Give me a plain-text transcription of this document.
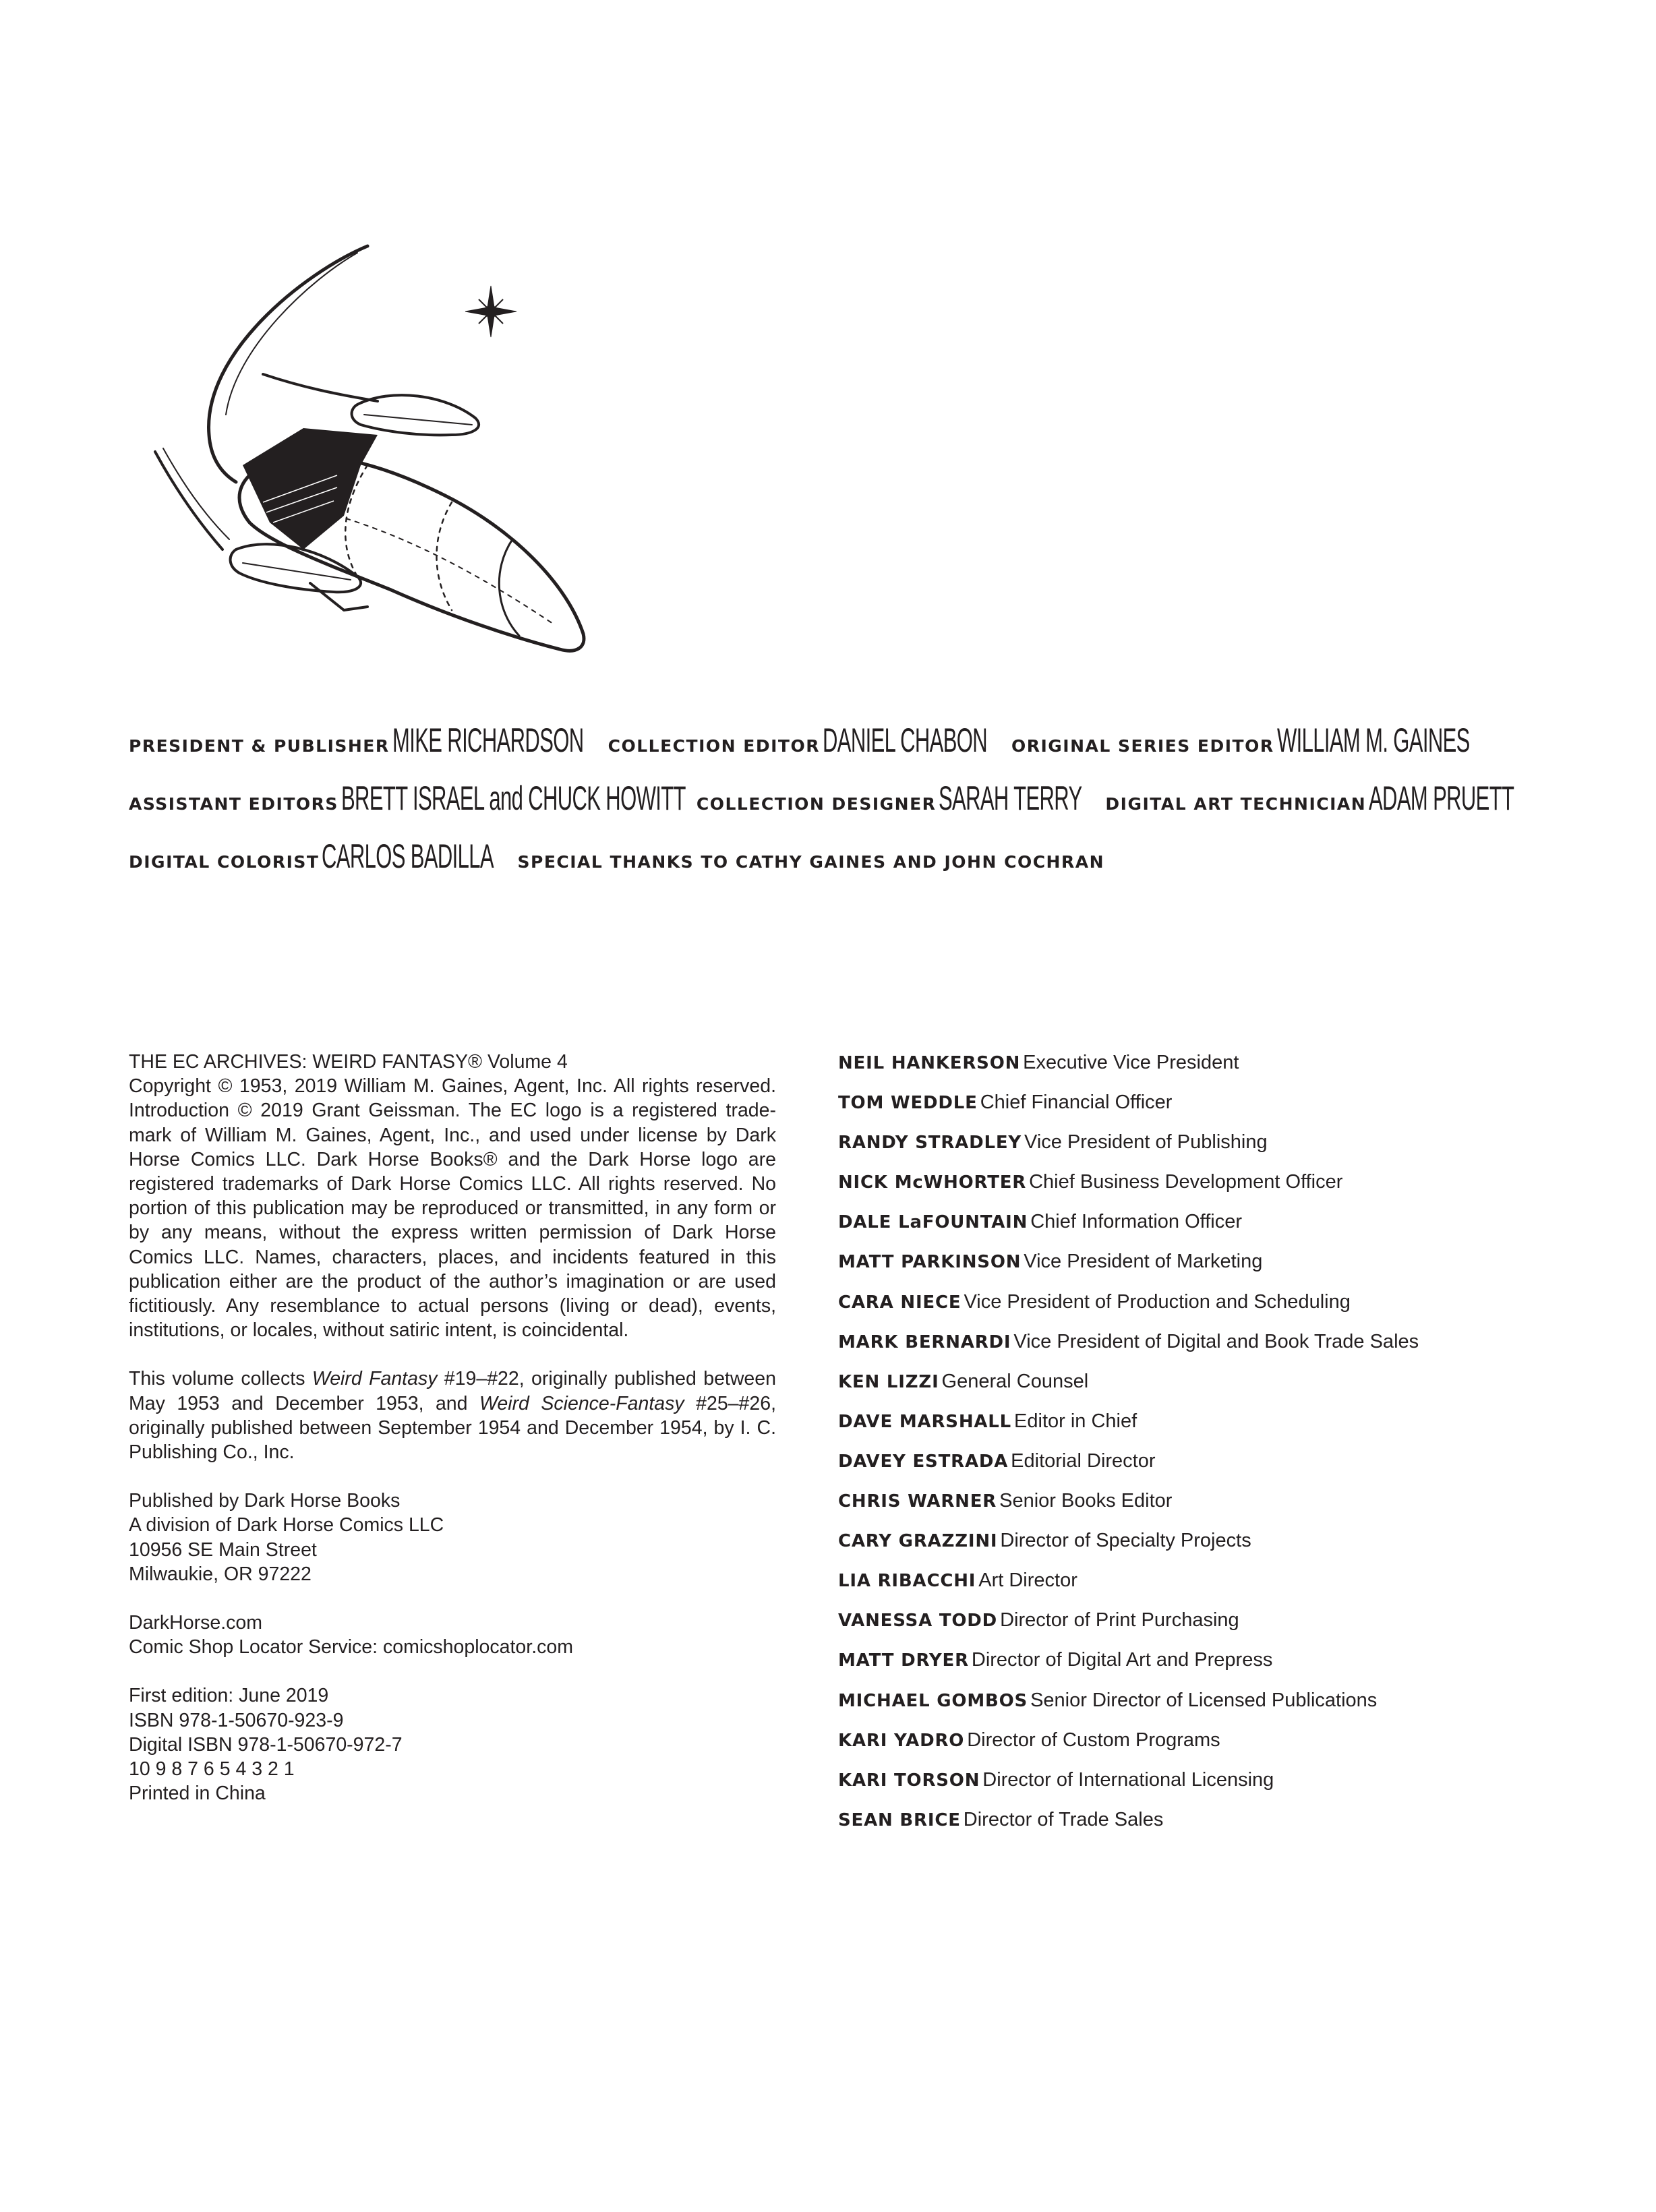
PRESIDENT & PUBLISHER MIKE RICHARDSON COLLECTION EDITOR DANIEL CHABON ORIGINAL SERIES EDITOR WILLIAM M. GAINES
ASSISTANT EDITORS BRETT ISRAEL and CHUCK HOWITT COLLECTION DESIGNER SARAH TERRY DIGITAL ART TECHNICIAN ADAM PRUETT
DIGITAL COLORIST CARLOS BADILLA SPECIAL THANKS TO CATHY GAINES AND JOHN COCHRAN

THE EC ARCHIVES: WEIRD FANTASY® Volume 4
Copyright © 1953, 2019 William M. Gaines, Agent, Inc. All rights reserved. Introduction © 2019 Grant Geissman. The EC logo is a registered trade-mark of William M. Gaines, Agent, Inc., and used under license by Dark Horse Comics LLC. Dark Horse Books® and the Dark Horse logo are registered trademarks of Dark Horse Comics LLC. All rights reserved. No portion of this publication may be reproduced or transmitted, in any form or by any means, without the express written permission of Dark Horse Comics LLC. Names, characters, places, and incidents featured in this publication either are the product of the author’s imagination or are used fictitiously. Any resemblance to actual persons (living or dead), events, institutions, or locales, without satiric intent, is coincidental.

This volume collects Weird Fantasy #19–#22, originally published between May 1953 and December 1953, and Weird Science-Fantasy #25–#26, originally published between September 1954 and December 1954, by I. C. Publishing Co., Inc.

Published by Dark Horse Books
A division of Dark Horse Comics LLC
10956 SE Main Street
Milwaukie, OR 97222

DarkHorse.com
Comic Shop Locator Service: comicshoplocator.com

First edition: June 2019
ISBN 978-1-50670-923-9
Digital ISBN 978-1-50670-972-7
10 9 8 7 6 5 4 3 2 1
Printed in China

NEIL HANKERSON Executive Vice President
TOM WEDDLE Chief Financial Officer
RANDY STRADLEY Vice President of Publishing
NICK McWHORTER Chief Business Development Officer
DALE LaFOUNTAIN Chief Information Officer
MATT PARKINSON Vice President of Marketing
CARA NIECE Vice President of Production and Scheduling
MARK BERNARDI Vice President of Digital and Book Trade Sales
KEN LIZZI General Counsel
DAVE MARSHALL Editor in Chief
DAVEY ESTRADA Editorial Director
CHRIS WARNER Senior Books Editor
CARY GRAZZINI Director of Specialty Projects
LIA RIBACCHI Art Director
VANESSA TODD Director of Print Purchasing
MATT DRYER Director of Digital Art and Prepress
MICHAEL GOMBOS Senior Director of Licensed Publications
KARI YADRO Director of Custom Programs
KARI TORSON Director of International Licensing
SEAN BRICE Director of Trade Sales
